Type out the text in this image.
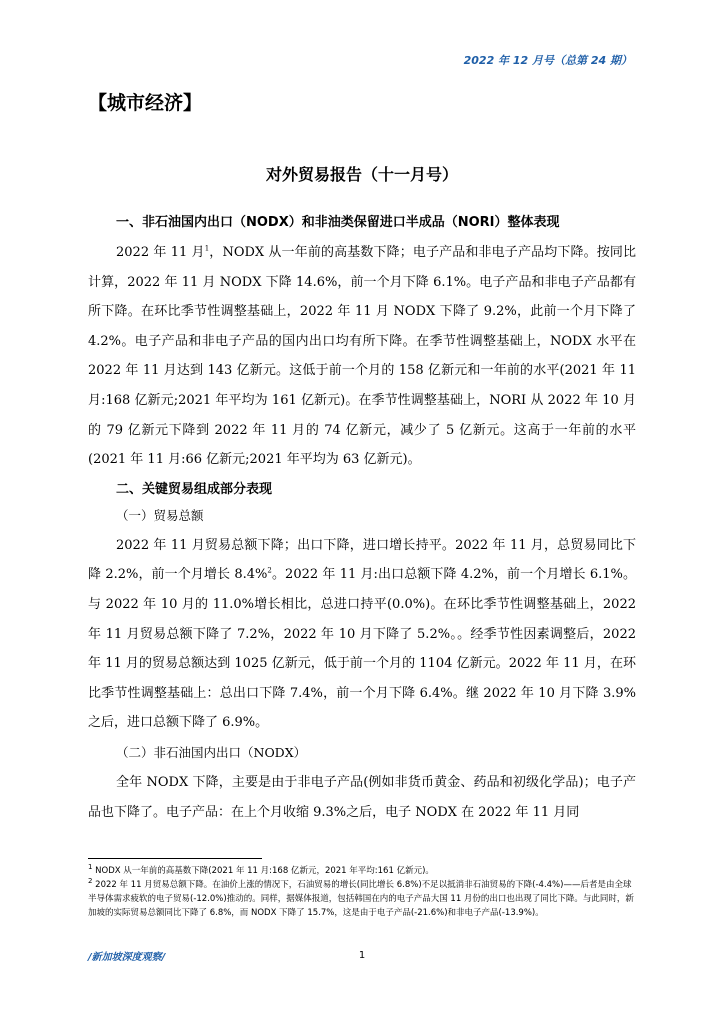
2022 年 12 月号（总第 24 期）
【城市经济】
对外贸易报告（十一月号）
一、非石油国内出口（NODX）和非油类保留进口半成品（NORI）整体表现

2022 年 11 月$^1$，NODX 从一年前的高基数下降；电子产品和非电子产品均下降。按同比计算，2022 年 11 月 NODX 下降 14.6%，前一个月下降 6.1%。电子产品和非电子产品都有所下降。在环比季节性调整基础上，2022 年 11 月 NODX 下降了 9.2%，此前一个月下降了 4.2%。电子产品和非电子产品的国内出口均有所下降。在季节性调整基础上，NODX 水平在 2022 年 11 月达到 143 亿新元。这低于前一个月的 158 亿新元和一年前的水平(2021 年 11 月:168 亿新元;2021 年平均为 161 亿新元)。在季节性调整基础上，NORI 从 2022 年 10 月的 79 亿新元下降到 2022 年 11 月的 74 亿新元，减少了 5 亿新元。这高于一年前的水平(2021 年 11 月:66 亿新元;2021 年平均为 63 亿新元)。

二、关键贸易组成部分表现
（一）贸易总额

2022 年 11 月贸易总额下降；出口下降，进口增长持平。2022 年 11 月，总贸易同比下降 2.2%，前一个月增长 8.4%$^2$。2022 年 11 月:出口总额下降 4.2%，前一个月增长 6.1%。与 2022 年 10 月的 11.0%增长相比，总进口持平(0.0%)。在环比季节性调整基础上，2022 年 11 月贸易总额下降了 7.2%，2022 年 10 月下降了 5.2%。。经季节性因素调整后，2022 年 11 月的贸易总额达到 1025 亿新元，低于前一个月的 1104 亿新元。2022 年 11 月，在环比季节性调整基础上：总出口下降 7.4%，前一个月下降 6.4%。继 2022 年 10 月下降 3.9%之后，进口总额下降了 6.9%。

（二）非石油国内出口（NODX）

全年 NODX 下降，主要是由于非电子产品(例如非货币黄金、药品和初级化学品)；电子产品也下降了。电子产品：在上个月收缩 9.3%之后，电子 NODX 在 2022 年 11 月同

$^1$ NODX 从一年前的高基数下降(2021 年 11 月:168 亿新元，2021 年平均:161 亿新元)。

$^2$ 2022 年 11 月贸易总额下降。在油价上涨的情况下，石油贸易的增长(同比增长 6.8%)不足以抵消非石油贸易的下降(-4.4%)——后者是由全球半导体需求疲软的电子贸易(-12.0%)推动的。同样，据媒体报道，包括韩国在内的电子产品大国 11 月份的出口也出现了同比下降。与此同时，新加坡的实际贸易总额同比下降了 6.8%，而 NODX 下降了 15.7%，这是由于电子产品(-21.6%)和非电子产品(-13.9%)。

/新加坡深度观察/	1
